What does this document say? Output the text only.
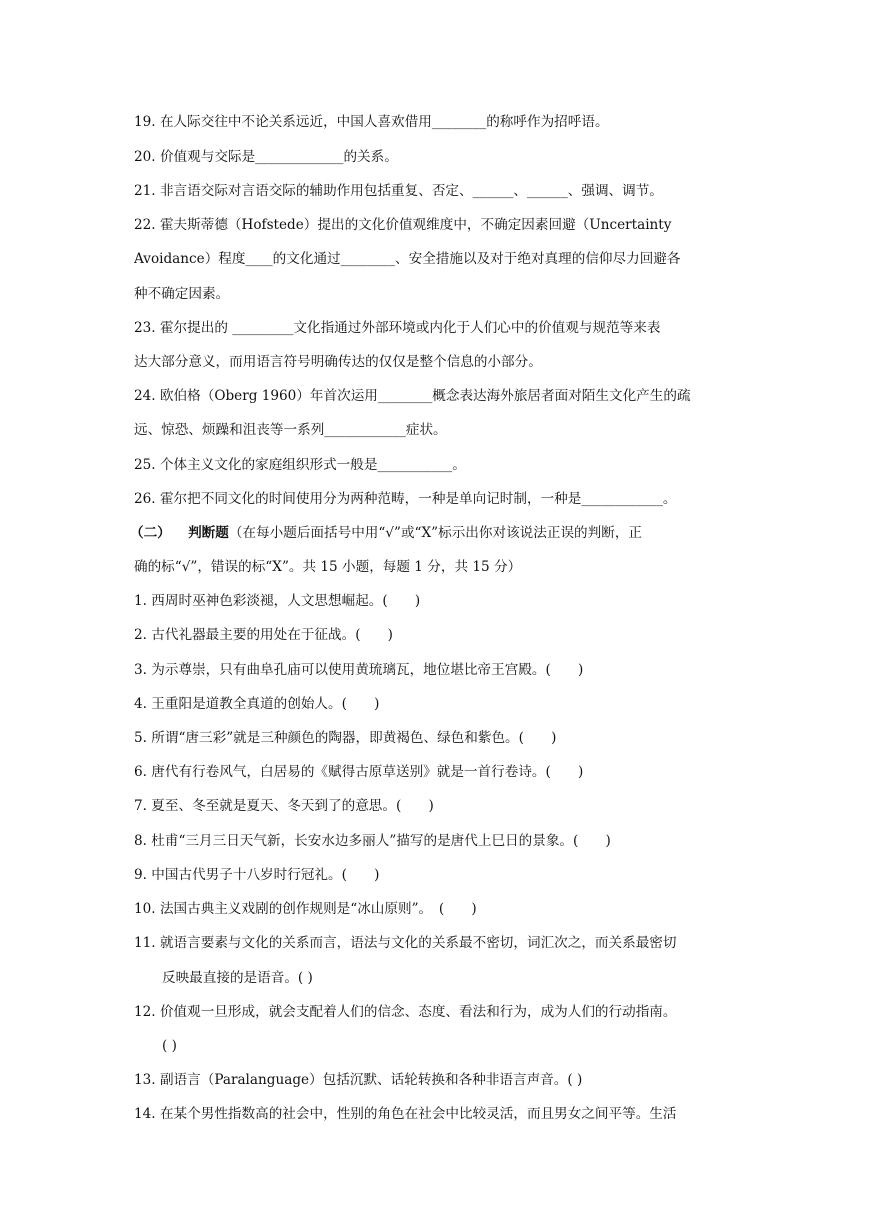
19. 在人际交往中不论关系远近，中国人喜欢借用________的称呼作为招呼语。
20. 价值观与交际是_____________的关系。
21. 非言语交际对言语交际的辅助作用包括重复、否定、______、______、强调、调节。
22. 霍夫斯蒂德（Hofstede）提出的文化价值观维度中，不确定因素回避（Uncertainty
Avoidance）程度____的文化通过________、安全措施以及对于绝对真理的信仰尽力回避各
种不确定因素。
23. 霍尔提出的 _________文化指通过外部环境或内化于人们心中的价值观与规范等来表
达大部分意义，而用语言符号明确传达的仅仅是整个信息的小部分。
24. 欧伯格（Oberg 1960）年首次运用________概念表达海外旅居者面对陌生文化产生的疏
远、惊恐、烦躁和沮丧等一系列____________症状。
25. 个体主义文化的家庭组织形式一般是___________。
26. 霍尔把不同文化的时间使用分为两种范畴，一种是单向记时制，一种是____________。
（二） 判断题（在每小题后面括号中用“√”或“X”标示出你对该说法正误的判断，正
确的标“√”，错误的标“X”。共 15 小题，每题 1 分，共 15 分）
1. 西周时巫神色彩淡褪，人文思想崛起。(　　)
2. 古代礼器最主要的用处在于征战。(　　)
3. 为示尊崇，只有曲阜孔庙可以使用黄琉璃瓦，地位堪比帝王宫殿。(　　)
4. 王重阳是道教全真道的创始人。(　　)
5. 所谓“唐三彩”就是三种颜色的陶器，即黄褐色、绿色和紫色。(　　)
6. 唐代有行卷风气，白居易的《赋得古原草送别》就是一首行卷诗。(　　)
7. 夏至、冬至就是夏天、冬天到了的意思。(　　)
8. 杜甫“三月三日天气新，长安水边多丽人”描写的是唐代上巳日的景象。(　　)
9. 中国古代男子十八岁时行冠礼。(　　)
10. 法国古典主义戏剧的创作规则是“冰山原则”。　(　　)
11. 就语言要素与文化的关系而言，语法与文化的关系最不密切，词汇次之，而关系最密切
反映最直接的是语音。( )
12. 价值观一旦形成，就会支配着人们的信念、态度、看法和行为，成为人们的行动指南。
( )
13. 副语言（Paralanguage）包括沉默、话轮转换和各种非语言声音。( )
14. 在某个男性指数高的社会中，性别的角色在社会中比较灵活，而且男女之间平等。生活
